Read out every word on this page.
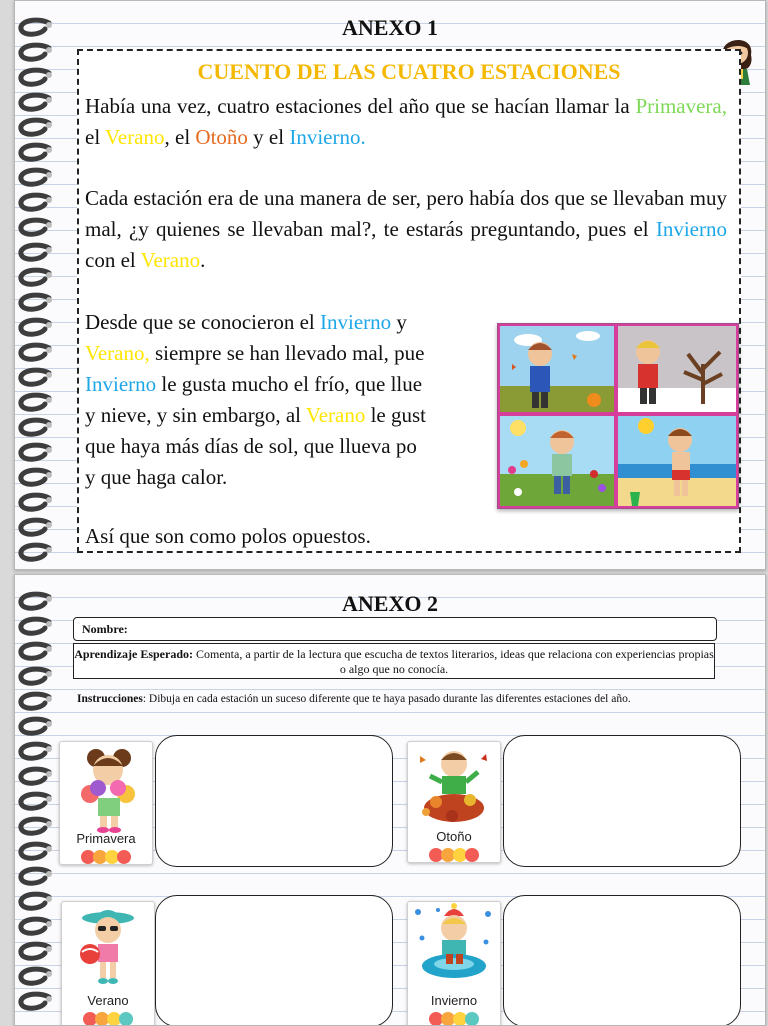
ANEXO 1
CUENTO DE LAS CUATRO ESTACIONES

Había una vez, cuatro estaciones del año que se hacían llamar la Primavera, el Verano, el Otoño y el Invierno.

Cada estación era de una manera de ser, pero había dos que se llevaban muy mal, ¿y quienes se llevaban mal?, te estarás preguntando, pues el Invierno con el Verano.

Desde que se conocieron el Invierno y
Verano, siempre se han llevado mal, pue
Invierno le gusta mucho el frío, que llue
y nieve, y sin embargo, al Verano le gust
que haya más días de sol, que llueva po
y que haga calor.

Así que son como polos opuestos.

ANEXO 2
Nombre:
Aprendizaje Esperado: Comenta, a partir de la lectura que escucha de textos literarios, ideas que relaciona con experiencias propias o algo que no conocía.
Instrucciones: Dibuja en cada estación un suceso diferente que te haya pasado durante las diferentes estaciones del año.
Primavera	Otoño
Verano	Invierno
